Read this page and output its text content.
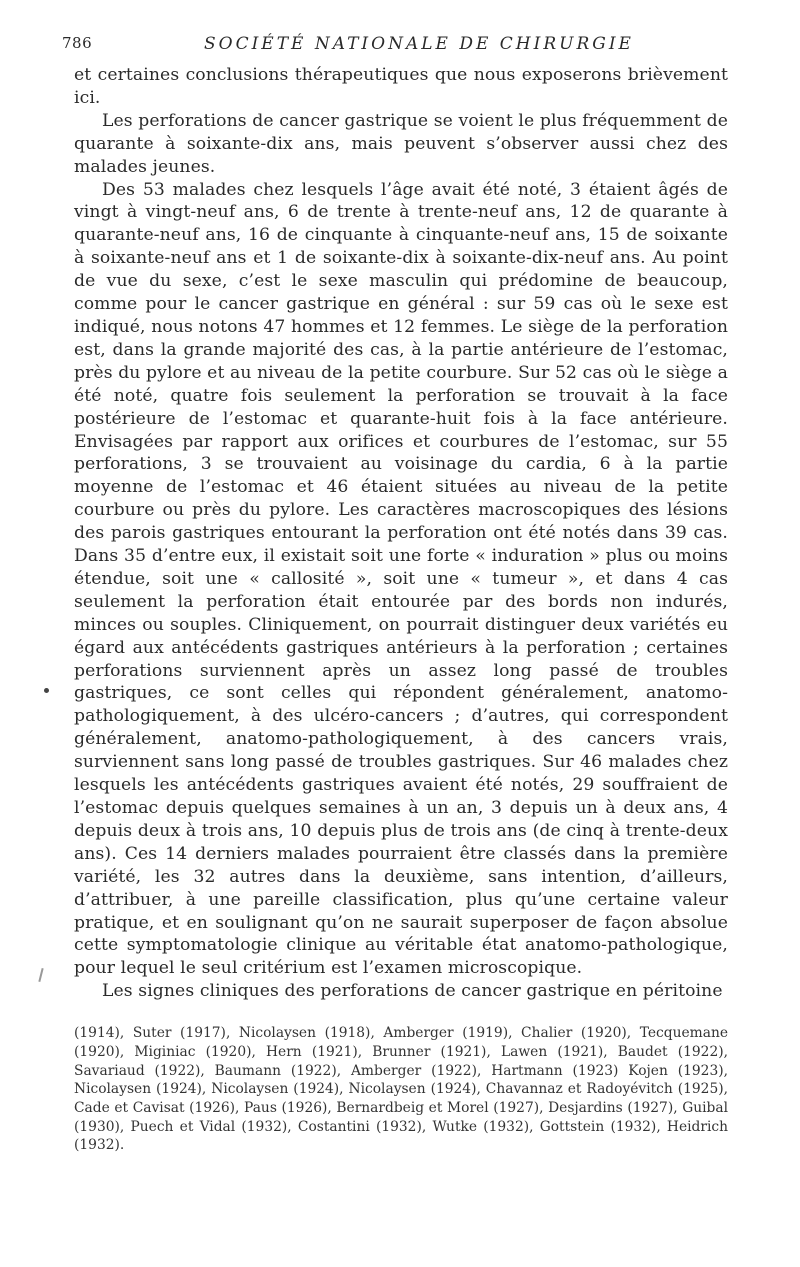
786	SOCIÉTÉ NATIONALE DE CHIRURGIE

et certaines conclusions thérapeutiques que nous exposerons brièvement ici.

Les perforations de cancer gastrique se voient le plus fréquemment de quarante à soixante-dix ans, mais peuvent s’observer aussi chez des malades jeunes.

Des 53 malades chez lesquels l’âge avait été noté, 3 étaient âgés de vingt à vingt-neuf ans, 6 de trente à trente-neuf ans, 12 de quarante à quarante-neuf ans, 16 de cinquante à cinquante-neuf ans, 15 de soixante à soixante-neuf ans et 1 de soixante-dix à soixante-dix-neuf ans. Au point de vue du sexe, c’est le sexe masculin qui prédomine de beaucoup, comme pour le cancer gastrique en général : sur 59 cas où le sexe est indiqué, nous notons 47 hommes et 12 femmes. Le siège de la perforation est, dans la grande majorité des cas, à la partie antérieure de l’estomac, près du pylore et au niveau de la petite courbure. Sur 52 cas où le siège a été noté, quatre fois seulement la perforation se trouvait à la face postérieure de l’estomac et quarante-huit fois à la face antérieure. Envisagées par rapport aux orifices et courbures de l’estomac, sur 55 perforations, 3 se trouvaient au voisinage du cardia, 6 à la partie moyenne de l’estomac et 46 étaient situées au niveau de la petite courbure ou près du pylore. Les caractères macroscopiques des lésions des parois gastriques entourant la perforation ont été notés dans 39 cas. Dans 35 d’entre eux, il existait soit une forte « induration » plus ou moins étendue, soit une « callosité », soit une « tumeur », et dans 4 cas seulement la perforation était entourée par des bords non indurés, minces ou souples. Cliniquement, on pourrait distinguer deux variétés eu égard aux antécédents gastriques antérieurs à la perforation ; certaines perforations surviennent après un assez long passé de troubles gastriques, ce sont celles qui répondent généralement, anatomo-pathologiquement, à des ulcéro-cancers ; d’autres, qui correspondent généralement, anatomo-pathologiquement, à des cancers vrais, surviennent sans long passé de troubles gastriques. Sur 46 malades chez lesquels les antécédents gastriques avaient été notés, 29 souffraient de l’estomac depuis quelques semaines à un an, 3 depuis un à deux ans, 4 depuis deux à trois ans, 10 depuis plus de trois ans (de cinq à trente-deux ans). Ces 14 derniers malades pourraient être classés dans la première variété, les 32 autres dans la deuxième, sans intention, d’ailleurs, d’attribuer, à une pareille classification, plus qu’une certaine valeur pratique, et en soulignant qu’on ne saurait superposer de façon absolue cette symptomatologie clinique au véritable état anatomo-pathologique, pour lequel le seul critérium est l’examen microscopique.

Les signes cliniques des perforations de cancer gastrique en péritoine

(1914), Suter (1917), Nicolaysen (1918), Amberger (1919), Chalier (1920), Tecquemane (1920), Miginiac (1920), Hern (1921), Brunner (1921), Lawen (1921), Baudet (1922), Savariaud (1922), Baumann (1922), Amberger (1922), Hartmann (1923) Kojen (1923), Nicolaysen (1924), Nicolaysen (1924), Nicolaysen (1924), Chavannaz et Radoyévitch (1925), Cade et Cavisat (1926), Paus (1926), Bernardbeig et Morel (1927), Desjardins (1927), Guibal (1930), Puech et Vidal (1932), Costantini (1932), Wutke (1932), Gottstein (1932), Heidrich (1932).
